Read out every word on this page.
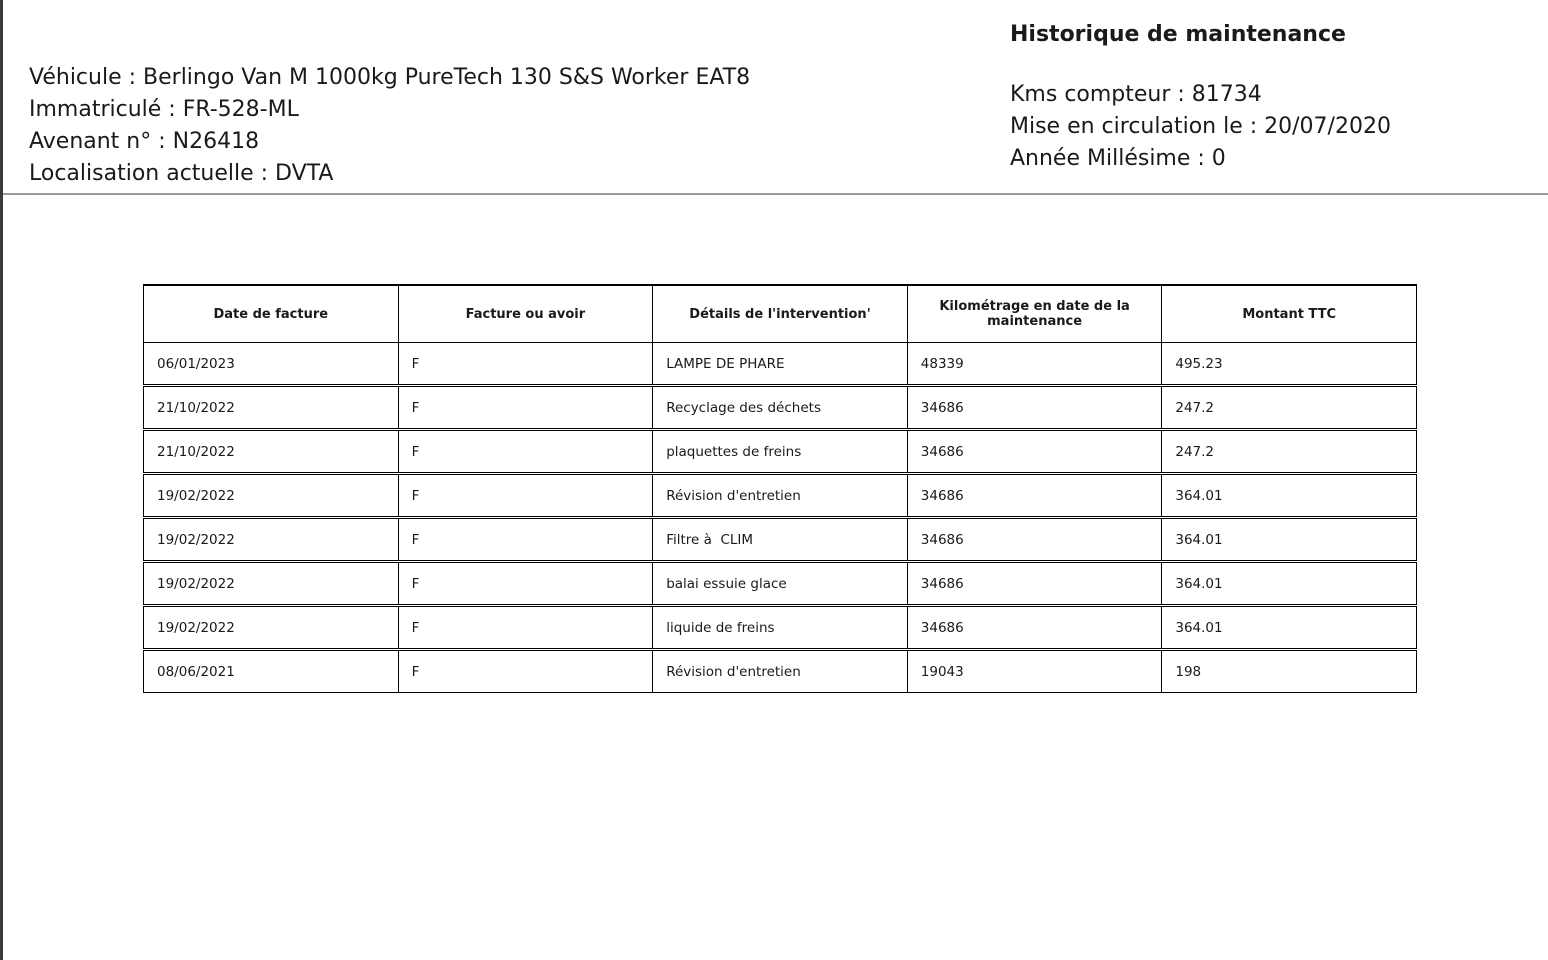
Véhicule : Berlingo Van M 1000kg PureTech 130 S&S Worker EAT8
Immatriculé : FR-528-ML
Avenant n° : N26418
Localisation actuelle : DVTA
Historique de maintenance
Kms compteur : 81734
Mise en circulation le : 20/07/2020
Année Millésime : 0
Date de facture	Facture ou avoir	Détails de l'intervention'	Kilométrage en date de la maintenance	Montant TTC
06/01/2023	F	LAMPE DE PHARE	48339	495.23
21/10/2022	F	Recyclage des déchets	34686	247.2
21/10/2022	F	plaquettes de freins	34686	247.2
19/02/2022	F	Révision d'entretien	34686	364.01
19/02/2022	F	Filtre à  CLIM	34686	364.01
19/02/2022	F	balai essuie glace	34686	364.01
19/02/2022	F	liquide de freins	34686	364.01
08/06/2021	F	Révision d'entretien	19043	198
